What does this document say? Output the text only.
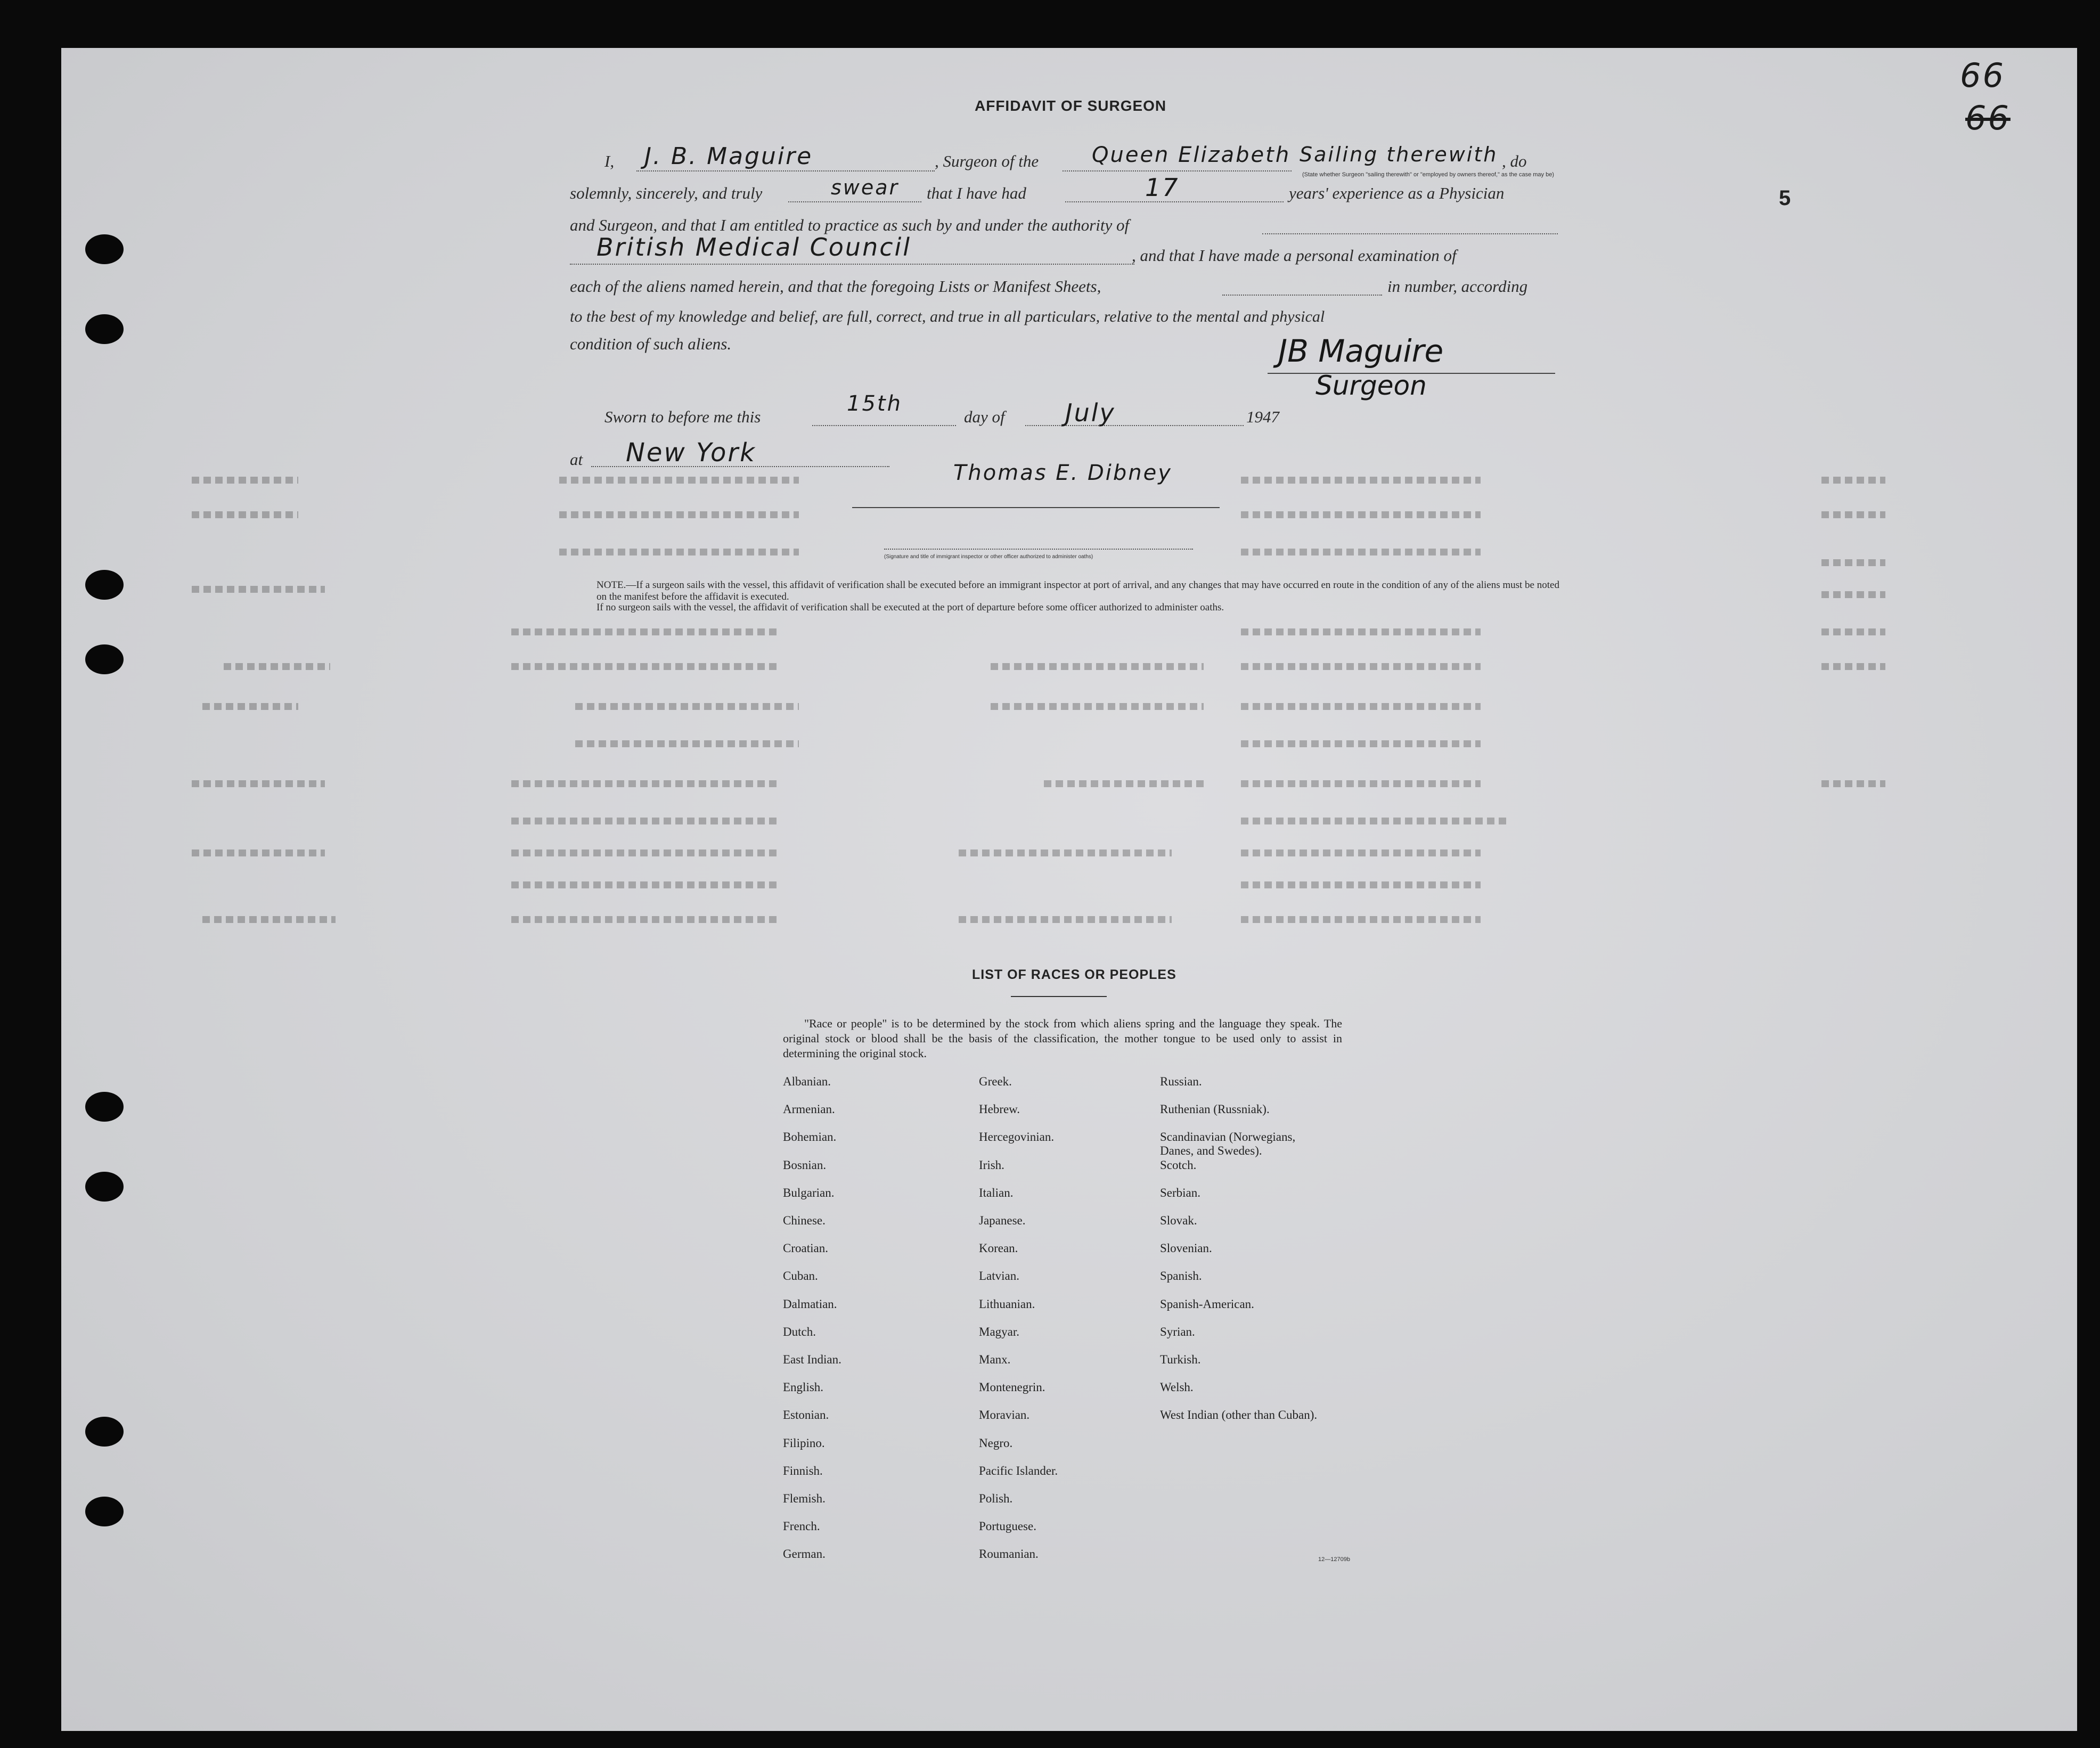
66
66
5
AFFIDAVIT OF SURGEON
I, J. B. Maguire	, Surgeon of the Queen Elizabeth Sailing therewith , do
(State whether Surgeon "sailing therewith" or "employed by owners thereof," as the case may be)
solemnly, sincerely, and truly	swear that I have had	17	years' experience as a Physician
and Surgeon, and that I am entitled to practice as such by and under the authority of
British Medical Council	, and that I have made a personal examination of
each of the aliens named herein, and that the foregoing Lists or Manifest Sheets,	in number, according
to the best of my knowledge and belief, are full, correct, and true in all particulars, relative to the mental and physical
condition of such aliens.	JB Maguire
Surgeon
Sworn to before me this
15th
day of July	1947
at New York
Thomas E. Dibney
(Signature and title of immigrant inspector or other officer authorized to administer oaths)
NOTE.—If a surgeon sails with the vessel, this affidavit of verification shall be executed before an immigrant inspector at port of arrival, and any changes that may have occurred en route in the condition of any of the aliens must be noted on the manifest before the affidavit is executed.
If no surgeon sails with the vessel, the affidavit of verification shall be executed at the port of departure before some officer authorized to administer oaths.
LIST OF RACES OR PEOPLES
"Race or people" is to be determined by the stock from which aliens spring and the language they speak. The original stock or blood shall be the basis of the classification, the mother tongue to be used only to assist in determining the original stock.
Albanian.
Armenian.
Bohemian.
Bosnian.
Bulgarian.
Chinese.
Croatian.
Cuban.
Dalmatian.
Dutch.
East Indian.
English.
Estonian.
Filipino.
Finnish.
Flemish.
French.
German.
Greek.
Hebrew.
Hercegovinian.
Irish.
Italian.
Japanese.
Korean.
Latvian.
Lithuanian.
Magyar.
Manx.
Montenegrin.
Moravian.
Negro.
Pacific Islander.
Polish.
Portuguese.
Roumanian.
Russian.
Ruthenian (Russniak).
Scandinavian (Norwegians, Danes, and Swedes).
Scotch.
Serbian.
Slovak.
Slovenian.
Spanish.
Spanish-American.
Syrian.
Turkish.
Welsh.
West Indian (other than Cuban).
12—12709b
